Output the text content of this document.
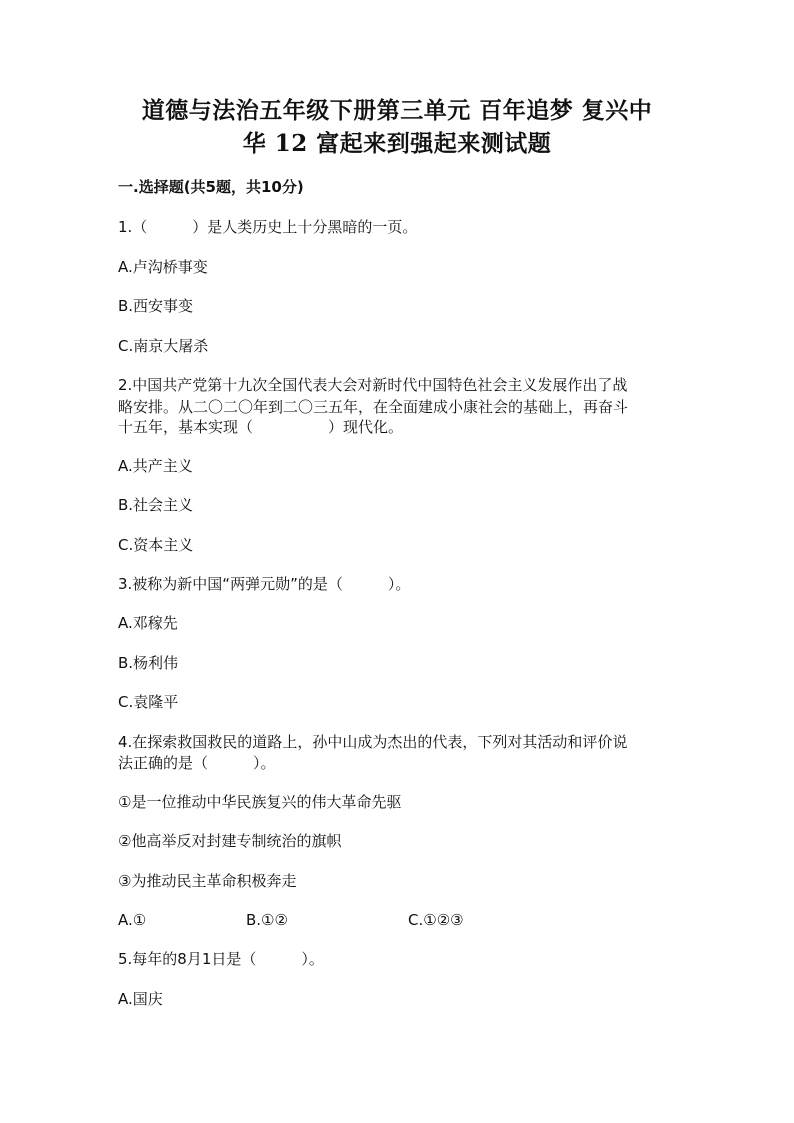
道德与法治五年级下册第三单元 百年追梦 复兴中
华 12 富起来到强起来测试题
一.选择题(共5题，共10分)
1.（　　　）是人类历史上十分黑暗的一页。
A.卢沟桥事变
B.西安事变
C.南京大屠杀
2.中国共产党第十九次全国代表大会对新时代中国特色社会主义发展作出了战
略安排。从二〇二〇年到二〇三五年，在全面建成小康社会的基础上，再奋斗
十五年，基本实现（　　　　　）现代化。
A.共产主义
B.社会主义
C.资本主义
3.被称为新中国“两弹元勋”的是（　　　）。
A.邓稼先
B.杨利伟
C.袁隆平
4.在探索救国救民的道路上，孙中山成为杰出的代表，下列对其活动和评价说
法正确的是（　　　）。
①是一位推动中华民族复兴的伟大革命先驱
②他高举反对封建专制统治的旗帜
③为推动民主革命积极奔走
A.①	B.①②	C.①②③
5.每年的8月1日是（　　　）。
A.国庆
